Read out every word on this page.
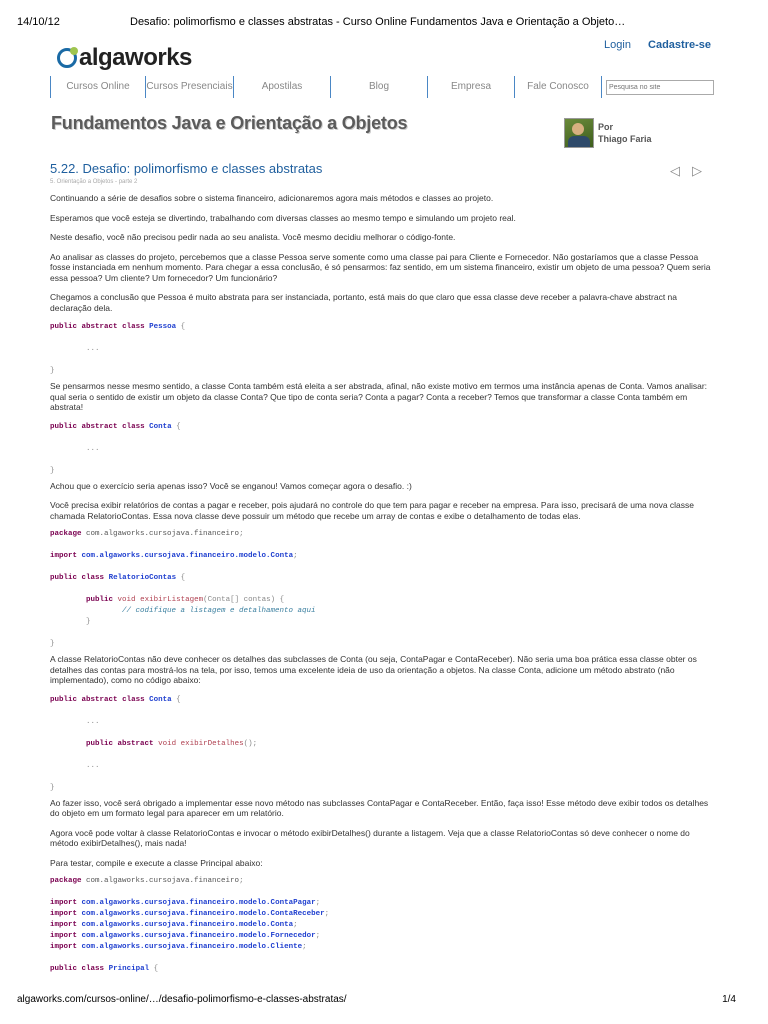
14/10/12	Desafio: polimorfismo e classes abstratas - Curso Online Fundamentos Java e Orientação a Objeto…
algaworks	Login Cadastre-se
Cursos Online	Cursos Presenciais	Apostilas	Blog	Empresa	Fale Conosco
Pesquisa no site
Fundamentos Java e Orientação a Objetos	Por
Thiago Faria
5.22. Desafio: polimorfismo e classes abstratas
5. Orientação a Objetos - parte 2
◁ ▷

Continuando a série de desafios sobre o sistema financeiro, adicionaremos agora mais métodos e classes ao projeto.

Esperamos que você esteja se divertindo, trabalhando com diversas classes ao mesmo tempo e simulando um projeto real.

Neste desafio, você não precisou pedir nada ao seu analista. Você mesmo decidiu melhorar o código-fonte.

Ao analisar as classes do projeto, percebemos que a classe Pessoa serve somente como uma classe pai para Cliente e Fornecedor. Não gostaríamos que a classe Pessoa fosse instanciada em nenhum momento. Para chegar a essa conclusão, é só pensarmos: faz sentido, em um sistema financeiro, existir um objeto de uma pessoa? Quem seria essa pessoa? Um cliente? Um fornecedor? Um funcionário?

Chegamos a conclusão que Pessoa é muito abstrata para ser instanciada, portanto, está mais do que claro que essa classe deve receber a palavra-chave abstract na declaração dela.

public abstract class Pessoa {

...

}

Se pensarmos nesse mesmo sentido, a classe Conta também está eleita a ser abstrada, afinal, não existe motivo em termos uma instância apenas de Conta. Vamos analisar: qual seria o sentido de existir um objeto da classe Conta? Que tipo de conta seria? Conta a pagar? Conta a receber? Temos que transformar a classe Conta também em abstrata!

public abstract class Conta {

...

}

Achou que o exercício seria apenas isso? Você se enganou! Vamos começar agora o desafio. :)

Você precisa exibir relatórios de contas a pagar e receber, pois ajudará no controle do que tem para pagar e receber na empresa. Para isso, precisará de uma nova classe chamada RelatorioContas. Essa nova classe deve possuir um método que recebe um array de contas e exibe o detalhamento de todas elas.

package com.algaworks.cursojava.financeiro;

import com.algaworks.cursojava.financeiro.modelo.Conta;

public class RelatorioContas {

public void exibirListagem(Conta[] contas) {
// codifique a listagem e detalhamento aqui
}

}

A classe RelatorioContas não deve conhecer os detalhes das subclasses de Conta (ou seja, ContaPagar e ContaReceber). Não seria uma boa prática essa classe obter os detalhes das contas para mostrá-los na tela, por isso, temos uma excelente ideia de uso da orientação a objetos. Na classe Conta, adicione um método abstrato (não implementado), como no código abaixo:

public abstract class Conta {

...

public abstract void exibirDetalhes();

...

}

Ao fazer isso, você será obrigado a implementar esse novo método nas subclasses ContaPagar e ContaReceber. Então, faça isso! Esse método deve exibir todos os detalhes do objeto em um formato legal para aparecer em um relatório.

Agora você pode voltar à classe RelatorioContas e invocar o método exibirDetalhes() durante a listagem. Veja que a classe RelatorioContas só deve conhecer o nome do método exibirDetalhes(), mais nada!

Para testar, compile e execute a classe Principal abaixo:

package com.algaworks.cursojava.financeiro;

import com.algaworks.cursojava.financeiro.modelo.ContaPagar;
import com.algaworks.cursojava.financeiro.modelo.ContaReceber;
import com.algaworks.cursojava.financeiro.modelo.Conta;
import com.algaworks.cursojava.financeiro.modelo.Fornecedor;
import com.algaworks.cursojava.financeiro.modelo.Cliente;

public class Principal {
algaworks.com/cursos-online/…/desafio-polimorfismo-e-classes-abstratas/	1/4
